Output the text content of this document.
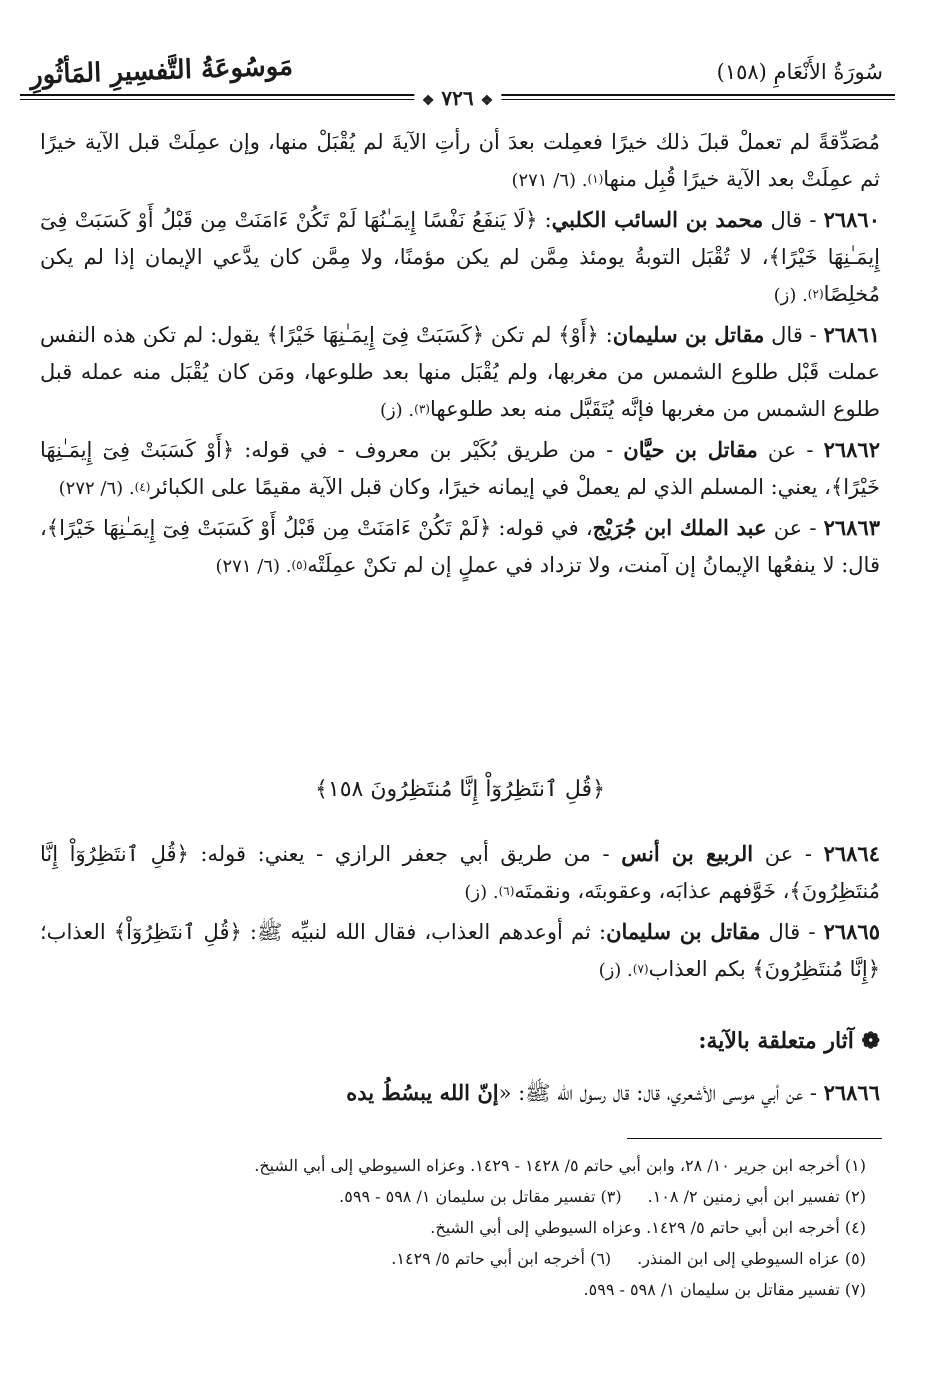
سُورَةُ الأَنْعَامِ (١٥٨)
مَوسُوعَةُ التَّفسِيرِ المَأثُورِ
❖ ٧٢٦ ❖
مُصَدِّقةً لم تعملْ قبلَ ذلك خيرًا فعمِلت بعدَ أن رأتِ الآيةَ لم يُقْبَلْ منها، وإن عمِلَتْ قبل الآية خيرًا ثم عمِلَتْ بعد الآية خيرًا قُبِل منها$^{(١)}$. (٦/ ٢٧١)
٢٦٨٦٠ - قال محمد بن السائب الكلبي: ﴿لَا يَنفَعُ نَفْسًا إِيمَـٰنُهَا لَمْ تَكُنْ ءَامَنَتْ مِن قَبْلُ أَوْ كَسَبَتْ فِىٓ إِيمَـٰنِهَا خَيْرًا﴾، لا تُقْبَل التوبةُ يومئذ مِمَّن لم يكن مؤمنًا، ولا مِمَّن كان يدَّعي الإيمان إذا لم يكن مُخلِصًا$^{(٢)}$. (ز)
٢٦٨٦١ - قال مقاتل بن سليمان: ﴿أَوْ﴾ لم تكن ﴿كَسَبَتْ فِىٓ إِيمَـٰنِهَا خَيْرًا﴾ يقول: لم تكن هذه النفس عملت قَبْل طلوع الشمس من مغربها، ولم يُقْبَل منها بعد طلوعها، ومَن كان يُقْبَل منه عمله قبل طلوع الشمس من مغربها فإنَّه يُتَقَبَّل منه بعد طلوعها$^{(٣)}$. (ز)
٢٦٨٦٢ - عن مقاتل بن حيَّان - من طريق بُكَيْر بن معروف - في قوله: ﴿أَوْ كَسَبَتْ فِىٓ إِيمَـٰنِهَا خَيْرًا﴾، يعني: المسلم الذي لم يعملْ في إيمانه خيرًا، وكان قبل الآية مقيمًا على الكبائر$^{(٤)}$. (٦/ ٢٧٢)
٢٦٨٦٣ - عن عبد الملك ابن جُرَيْج، في قوله: ﴿لَمْ تَكُنْ ءَامَنَتْ مِن قَبْلُ أَوْ كَسَبَتْ فِىٓ إِيمَـٰنِهَا خَيْرًا﴾، قال: لا ينفعُها الإيمانُ إن آمنت، ولا تزداد في عملٍ إن لم تكنْ عمِلَتْه$^{(٥)}$. (٦/ ٢٧١)
﴿قُلِ ٱنتَظِرُوٓاْ إِنَّا مُنتَظِرُونَ ١٥٨﴾
٢٦٨٦٤ - عن الربيع بن أنس - من طريق أبي جعفر الرازي - يعني: قوله: ﴿قُلِ ٱنتَظِرُوٓاْ إِنَّا مُنتَظِرُونَ﴾، خَوَّفهم عذابَه، وعقوبتَه، ونقمتَه$^{(٦)}$. (ز)
٢٦٨٦٥ - قال مقاتل بن سليمان: ثم أوعدهم العذاب، فقال الله لنبيِّه ﷺ: ﴿قُلِ ٱنتَظِرُوٓاْ﴾ العذاب؛ ﴿إِنَّا مُنتَظِرُونَ﴾ بكم العذاب$^{(٧)}$. (ز)
❁ آثار متعلقة بالآية:
٢٦٨٦٦ - عن أبي موسى الأشعري، قال: قال رسول الله ﷺ: «إنّ الله يبسُطُ يده
(١) أخرجه ابن جرير ١٠/ ٢٨، وابن أبي حاتم ٥/ ١٤٢٨ - ١٤٢٩. وعزاه السيوطي إلى أبي الشيخ.
(٢) تفسير ابن أبي زمنين ٢/ ١٠٨.
(٣) تفسير مقاتل بن سليمان ١/ ٥٩٨ - ٥٩٩.
(٤) أخرجه ابن أبي حاتم ٥/ ١٤٢٩. وعزاه السيوطي إلى أبي الشيخ.
(٥) عزاه السيوطي إلى ابن المنذر.
(٦) أخرجه ابن أبي حاتم ٥/ ١٤٢٩.
(٧) تفسير مقاتل بن سليمان ١/ ٥٩٨ - ٥٩٩.
